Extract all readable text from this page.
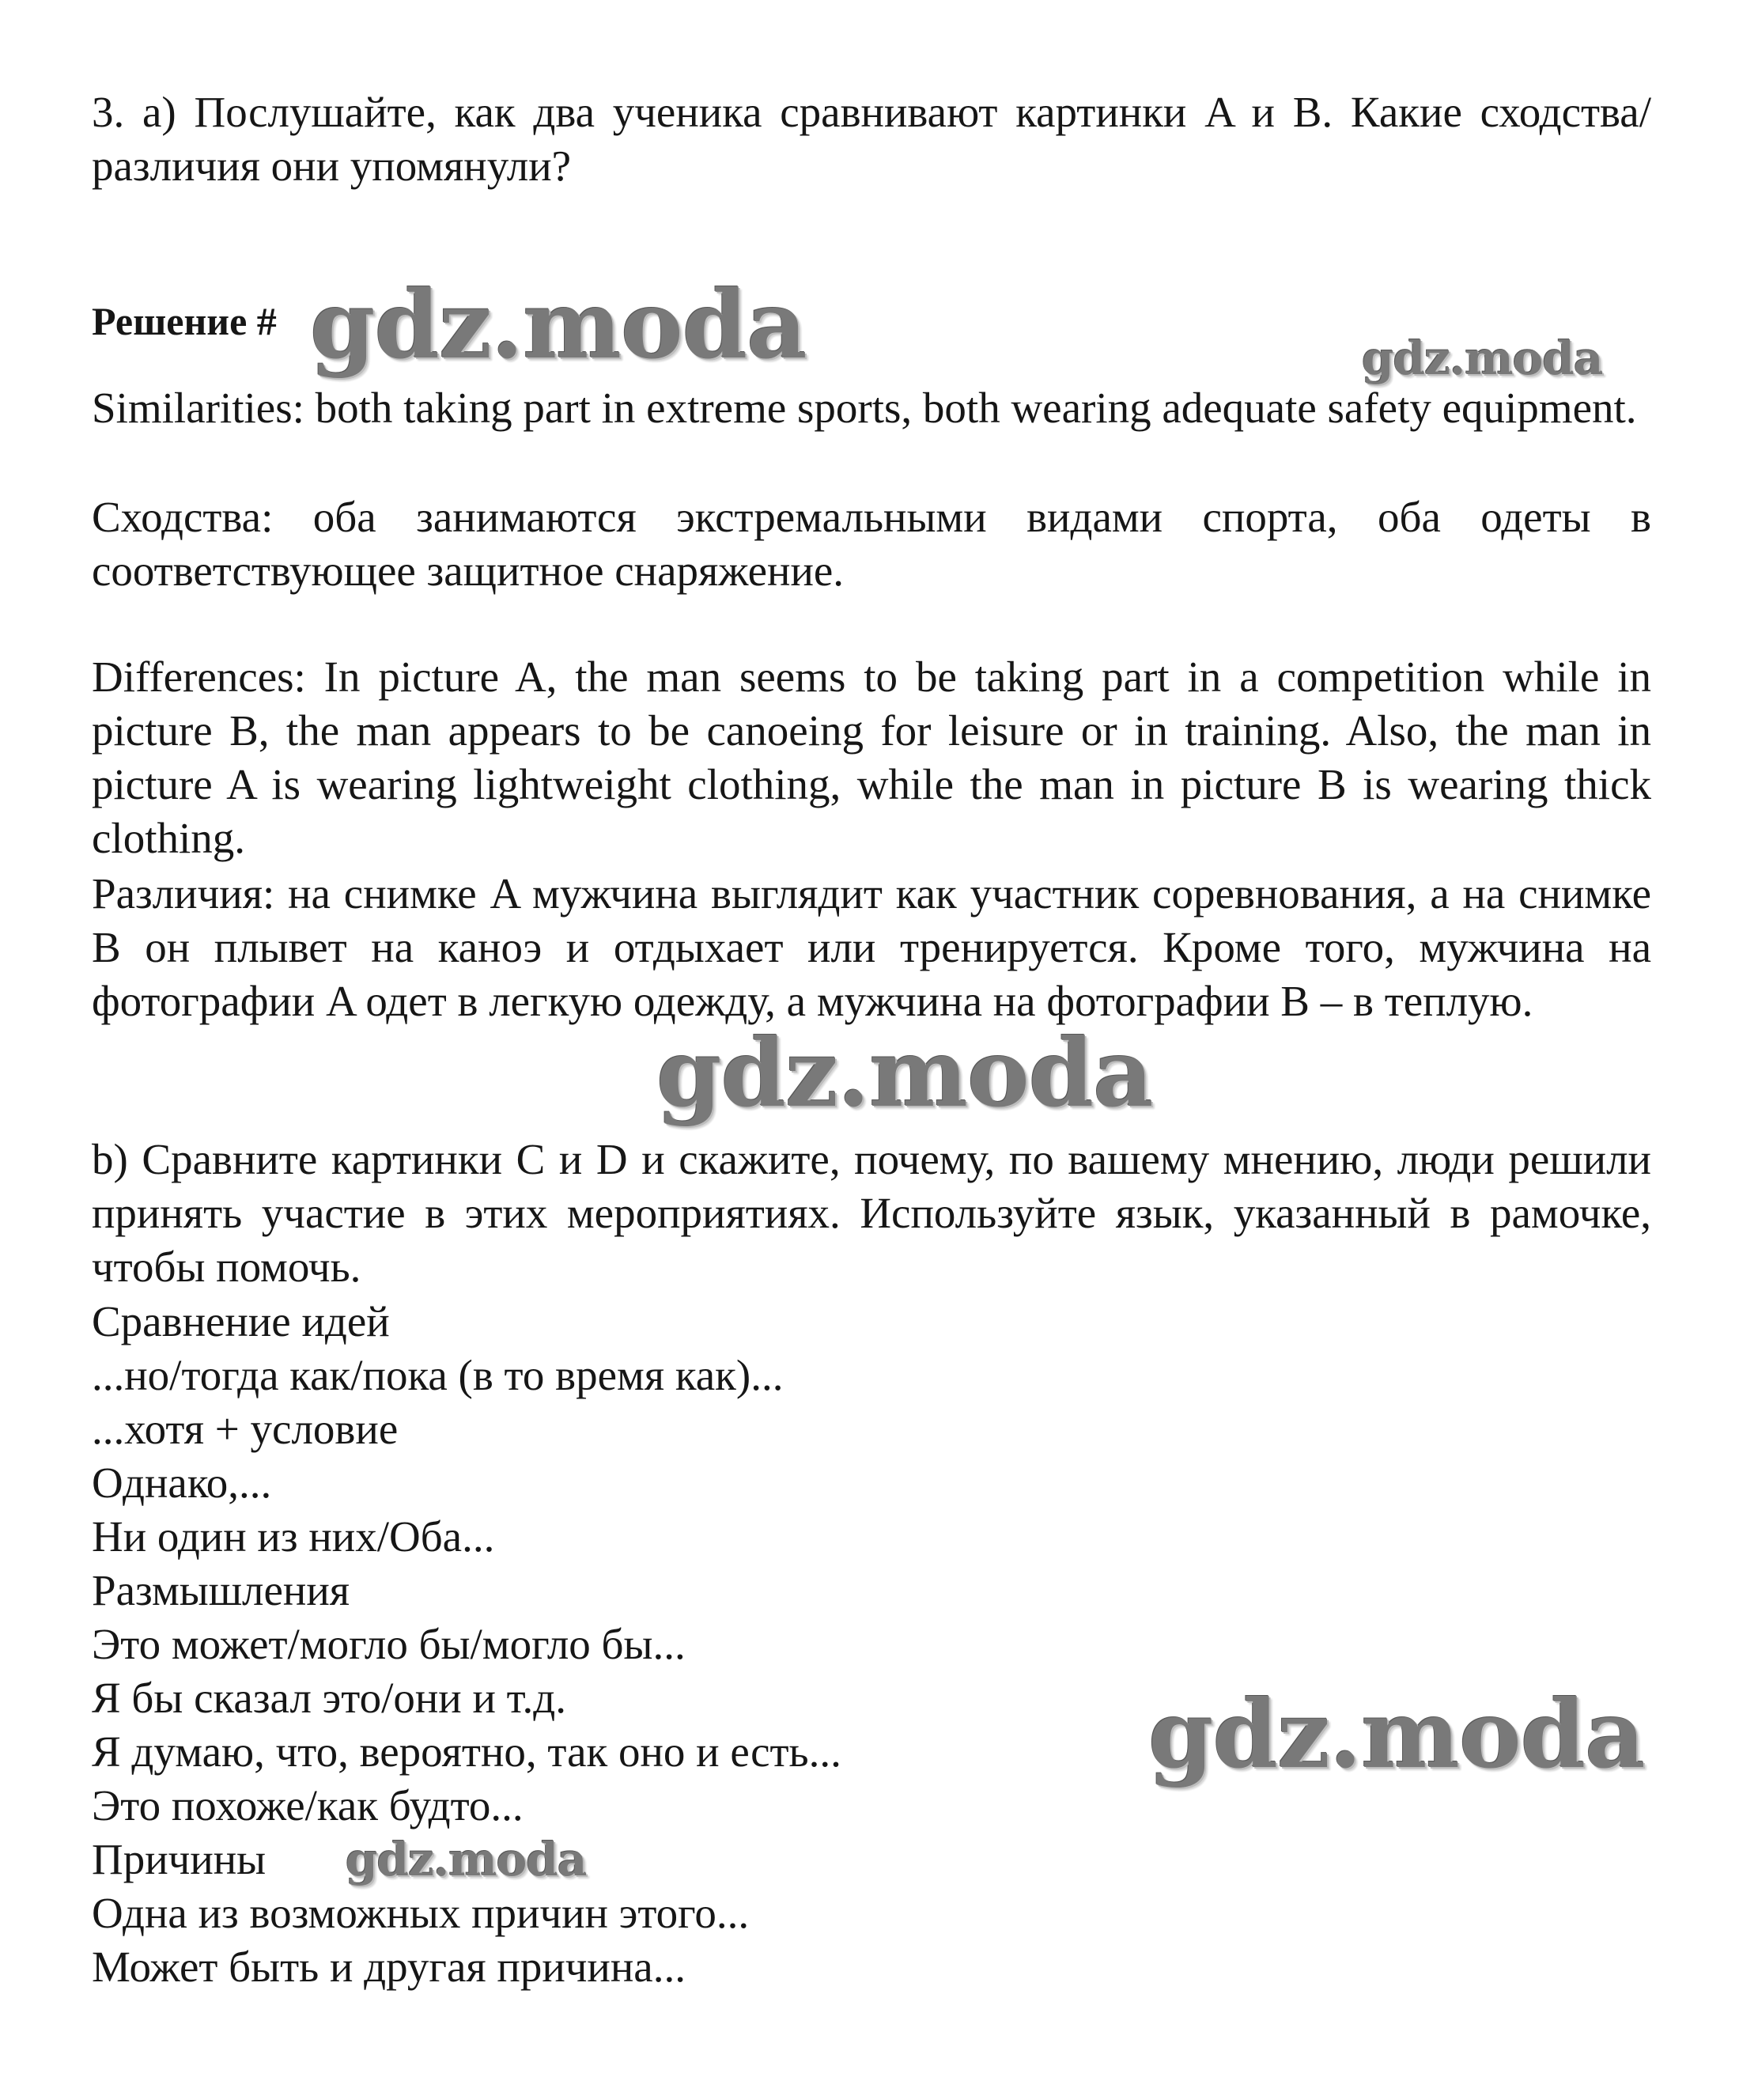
3. а) Послушайте, как два ученика сравнивают картинки A и B. Какие сходства/различия они упомянули?

Решение #

Similarities: both taking part in extreme sports, both wearing adequate safety equipment.

Сходства: оба занимаются экстремальными видами спорта, оба одеты в соответствующее защитное снаряжение.

Differences: In picture A, the man seems to be taking part in a competition while in picture B, the man appears to be canoeing for leisure or in training. Also, the man in picture A is wearing lightweight clothing, while the man in picture B is wearing thick clothing.

Различия: на снимке A мужчина выглядит как участник соревнования, а на снимке B он плывет на каноэ и отдыхает или тренируется. Кроме того, мужчина на фотографии A одет в легкую одежду, а мужчина на фотографии B – в теплую.

b) Сравните картинки C и D и скажите, почему, по вашему мнению, люди решили принять участие в этих мероприятиях. Используйте язык, указанный в рамочке, чтобы помочь.

Сравнение идей
...но/тогда как/пока (в то время как)...
...хотя + условие
Однако,...
Ни один из них/Оба...
Размышления
Это может/могло бы/могло бы...
Я бы сказал это/они и т.д.
Я думаю, что, вероятно, так оно и есть...
Это похоже/как будто...
Причины
Одна из возможных причин этого...
Может быть и другая причина...
gdz.moda	gdz.moda
gdz.moda
gdz.moda
gdz.moda
